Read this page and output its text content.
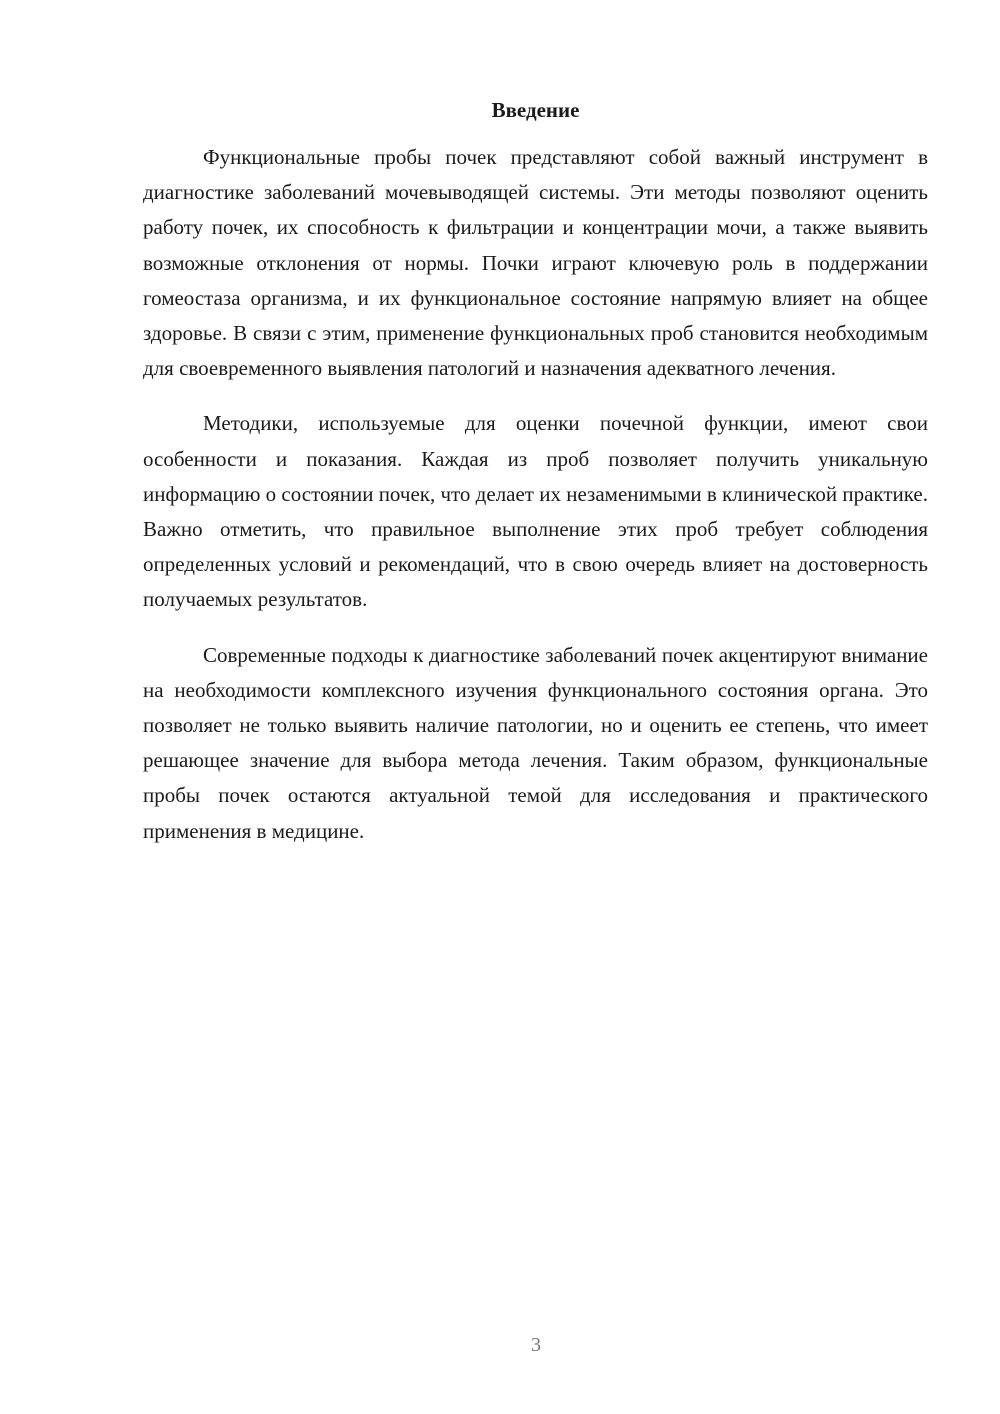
Введение

Функциональные пробы почек представляют собой важный инструмент в диагностике заболеваний мочевыводящей системы. Эти методы позволяют оценить работу почек, их способность к фильтрации и концентрации мочи, а также выявить возможные отклонения от нормы. Почки играют ключевую роль в поддержании гомеостаза организма, и их функциональное состояние напрямую влияет на общее здоровье. В связи с этим, применение функциональных проб становится необходимым для своевременного выявления патологий и назначения адекватного лечения.

Методики, используемые для оценки почечной функции, имеют свои особенности и показания. Каждая из проб позволяет получить уникальную информацию о состоянии почек, что делает их незаменимыми в клинической практике. Важно отметить, что правильное выполнение этих проб требует соблюдения определенных условий и рекомендаций, что в свою очередь влияет на достоверность получаемых результатов.

Современные подходы к диагностике заболеваний почек акцентируют внимание на необходимости комплексного изучения функционального состояния органа. Это позволяет не только выявить наличие патологии, но и оценить ее степень, что имеет решающее значение для выбора метода лечения. Таким образом, функциональные пробы почек остаются актуальной темой для исследования и практического применения в медицине.

3
